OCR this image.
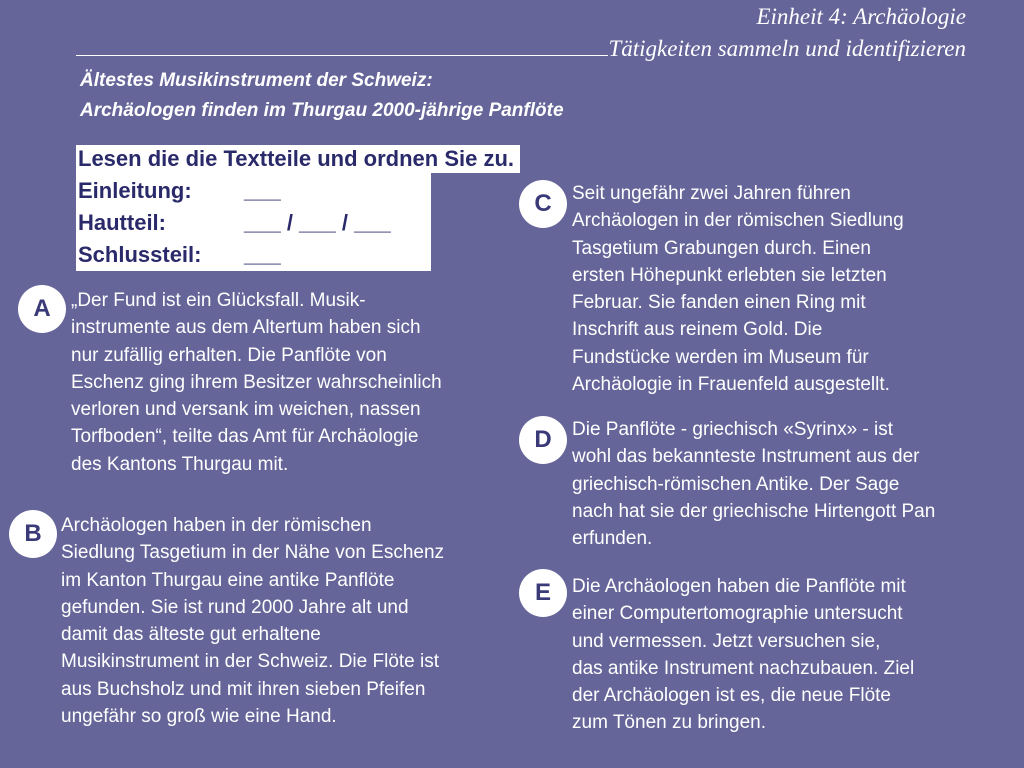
Einheit 4: Archäologie
Tätigkeiten sammeln und identifizieren
Ältestes Musikinstrument der Schweiz:
Archäologen finden im Thurgau 2000-jährige Panflöte
Lesen die die Textteile und ordnen Sie zu.
Einleitung: ___
Hautteil:	___ / ___ / ___
Schlussteil: ___
A	„Der Fund ist ein Glücksfall. Musik-
instrumente aus dem Altertum haben sich
nur zufällig erhalten. Die Panflöte von
Eschenz ging ihrem Besitzer wahrscheinlich
verloren und versank im weichen, nassen
Torfboden“, teilte das Amt für Archäologie
des Kantons Thurgau mit.
B	Archäologen haben in der römischen
Siedlung Tasgetium in der Nähe von Eschenz
im Kanton Thurgau eine antike Panflöte
gefunden. Sie ist rund 2000 Jahre alt und
damit das älteste gut erhaltene
Musikinstrument in der Schweiz. Die Flöte ist
aus Buchsholz und mit ihren sieben Pfeifen
ungefähr so groß wie eine Hand.
C	Seit ungefähr zwei Jahren führen
Archäologen in der römischen Siedlung
Tasgetium Grabungen durch. Einen
ersten Höhepunkt erlebten sie letzten
Februar. Sie fanden einen Ring mit
Inschrift aus reinem Gold. Die
Fundstücke werden im Museum für
Archäologie in Frauenfeld ausgestellt.
D	Die Panflöte - griechisch «Syrinx» - ist
wohl das bekannteste Instrument aus der
griechisch-römischen Antike. Der Sage
nach hat sie der griechische Hirtengott Pan
erfunden.
E	Die Archäologen haben die Panflöte mit
einer Computertomographie untersucht
und vermessen. Jetzt versuchen sie,
das antike Instrument nachzubauen. Ziel
der Archäologen ist es, die neue Flöte
zum Tönen zu bringen.
